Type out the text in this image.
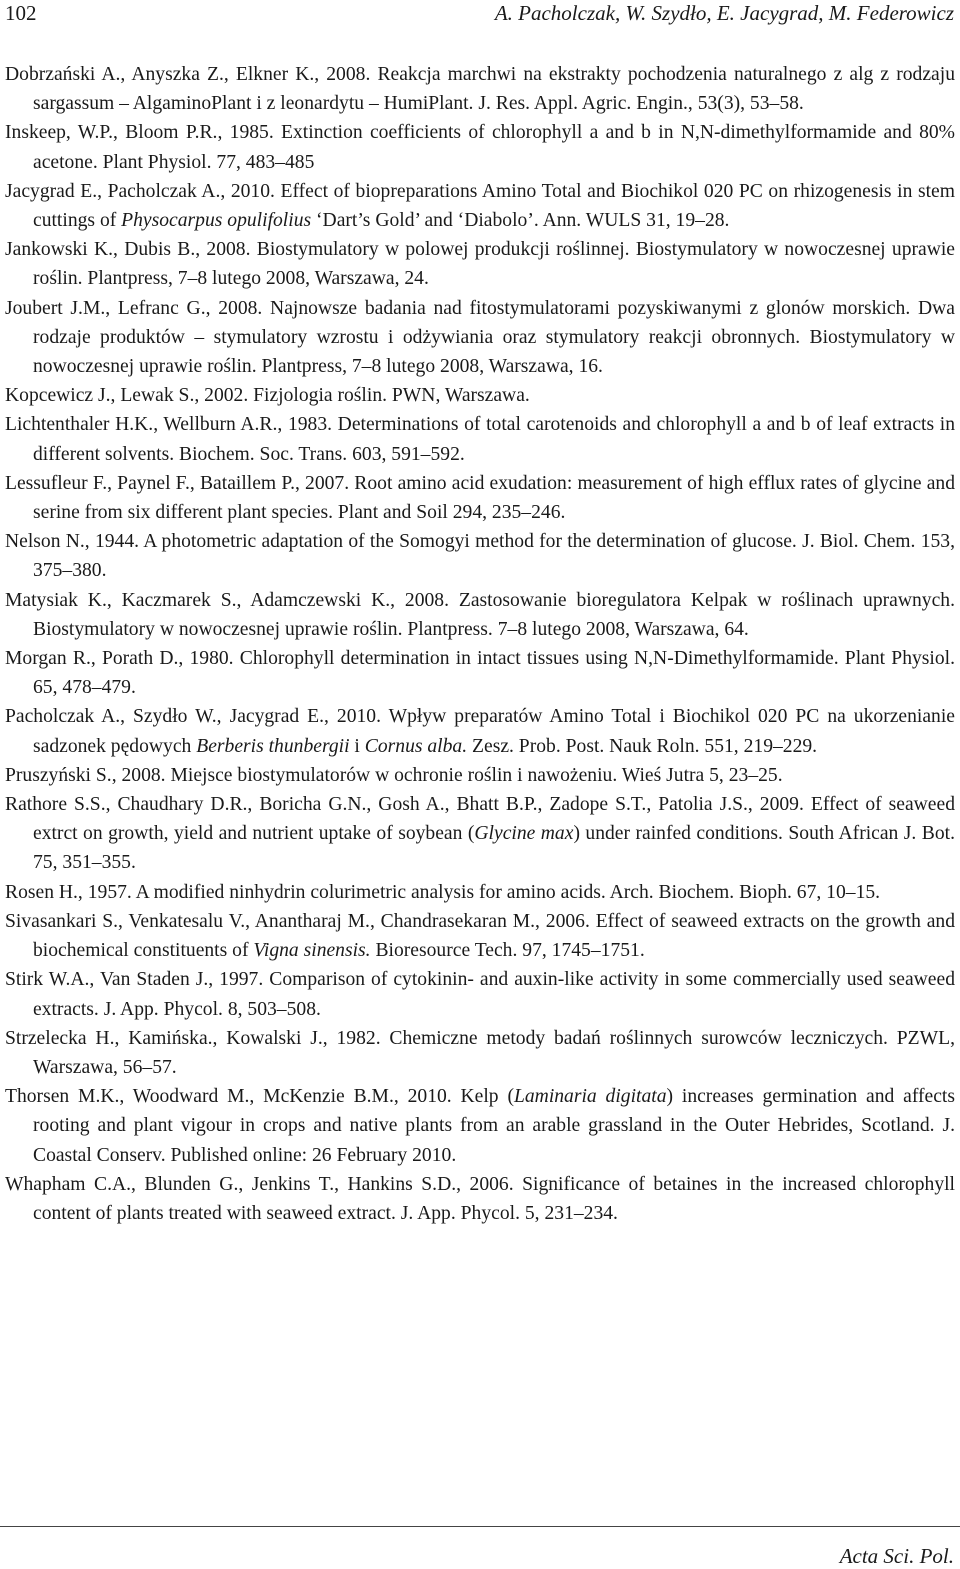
102	A. Pacholczak, W. Szydło, E. Jacygrad, M. Federowicz
Dobrzański A., Anyszka Z., Elkner K., 2008. Reakcja marchwi na ekstrakty pochodzenia naturalnego z alg z rodzaju sargassum – AlgaminoPlant i z leonardytu – HumiPlant. J. Res. Appl. Agric. Engin., 53(3), 53–58.
Inskeep, W.P., Bloom P.R., 1985. Extinction coefficients of chlorophyll a and b in N,N-dimethylformamide and 80% acetone. Plant Physiol. 77, 483–485
Jacygrad E., Pacholczak A., 2010. Effect of biopreparations Amino Total and Biochikol 020 PC on rhizogenesis in stem cuttings of Physocarpus opulifolius ‘Dart’s Gold’ and ‘Diabolo’. Ann. WULS 31, 19–28.
Jankowski K., Dubis B., 2008. Biostymulatory w polowej produkcji roślinnej. Biostymulatory w nowoczesnej uprawie roślin. Plantpress, 7–8 lutego 2008, Warszawa, 24.
Joubert J.M., Lefranc G., 2008. Najnowsze badania nad fitostymulatorami pozyskiwanymi z glonów morskich. Dwa rodzaje produktów – stymulatory wzrostu i odżywiania oraz stymulatory reakcji obronnych. Biostymulatory w nowoczesnej uprawie roślin. Plantpress, 7–8 lutego 2008, Warszawa, 16.
Kopcewicz J., Lewak S., 2002. Fizjologia roślin. PWN, Warszawa.
Lichtenthaler H.K., Wellburn A.R., 1983. Determinations of total carotenoids and chlorophyll a and b of leaf extracts in different solvents. Biochem. Soc. Trans. 603, 591–592.
Lessufleur F., Paynel F., Bataillem P., 2007. Root amino acid exudation: measurement of high efflux rates of glycine and serine from six different plant species. Plant and Soil 294, 235–246.
Nelson N., 1944. A photometric adaptation of the Somogyi method for the determination of glucose. J. Biol. Chem. 153, 375–380.
Matysiak K., Kaczmarek S., Adamczewski K., 2008. Zastosowanie bioregulatora Kelpak w roślinach uprawnych. Biostymulatory w nowoczesnej uprawie roślin. Plantpress. 7–8 lutego 2008, Warszawa, 64.
Morgan R., Porath D., 1980. Chlorophyll determination in intact tissues using N,N-Dimethylformamide. Plant Physiol. 65, 478–479.
Pacholczak A., Szydło W., Jacygrad E., 2010. Wpływ preparatów Amino Total i Biochikol 020 PC na ukorzenianie sadzonek pędowych Berberis thunbergii i Cornus alba. Zesz. Prob. Post. Nauk Roln. 551, 219–229.
Pruszyński S., 2008. Miejsce biostymulatorów w ochronie roślin i nawożeniu. Wieś Jutra 5, 23–25.
Rathore S.S., Chaudhary D.R., Boricha G.N., Gosh A., Bhatt B.P., Zadope S.T., Patolia J.S., 2009. Effect of seaweed extrct on growth, yield and nutrient uptake of soybean (Glycine max) under rainfed conditions. South African J. Bot. 75, 351–355.
Rosen H., 1957. A modified ninhydrin colurimetric analysis for amino acids. Arch. Biochem. Bioph. 67, 10–15.
Sivasankari S., Venkatesalu V., Anantharaj M., Chandrasekaran M., 2006. Effect of seaweed extracts on the growth and biochemical constituents of Vigna sinensis. Bioresource Tech. 97, 1745–1751.
Stirk W.A., Van Staden J., 1997. Comparison of cytokinin- and auxin-like activity in some commercially used seaweed extracts. J. App. Phycol. 8, 503–508.
Strzelecka H., Kamińska., Kowalski J., 1982. Chemiczne metody badań roślinnych surowców leczniczych. PZWL, Warszawa, 56–57.
Thorsen M.K., Woodward M., McKenzie B.M., 2010. Kelp (Laminaria digitata) increases germination and affects rooting and plant vigour in crops and native plants from an arable grassland in the Outer Hebrides, Scotland. J. Coastal Conserv. Published online: 26 February 2010.
Whapham C.A., Blunden G., Jenkins T., Hankins S.D., 2006. Significance of betaines in the increased chlorophyll content of plants treated with seaweed extract. J. App. Phycol. 5, 231–234.
Acta Sci. Pol.
